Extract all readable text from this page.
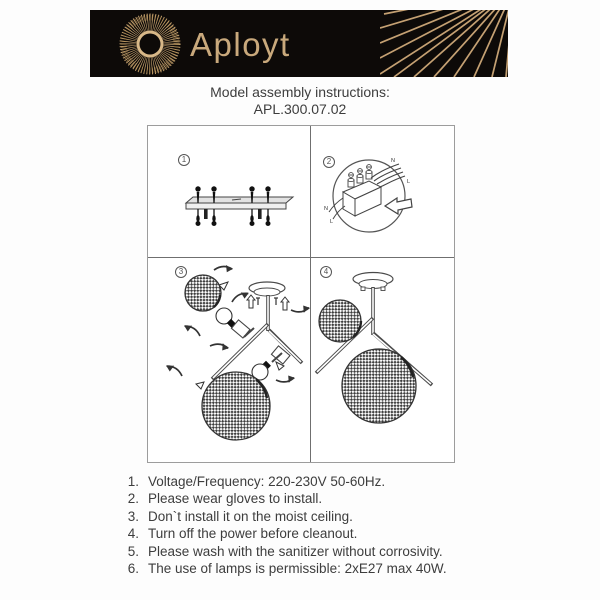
Aployt
Model assembly instructions:
APL.300.07.02
1	2	N
L
N
L
3	4
1. Voltage/Frequency: 220-230V 50-60Hz.
2. Please wear gloves to install.
3. Don`t install it on the moist ceiling.
4. Turn off the power before cleanout.
5. Please wash with the sanitizer without corrosivity.
6. The use of lamps is permissible: 2xE27 max 40W.
